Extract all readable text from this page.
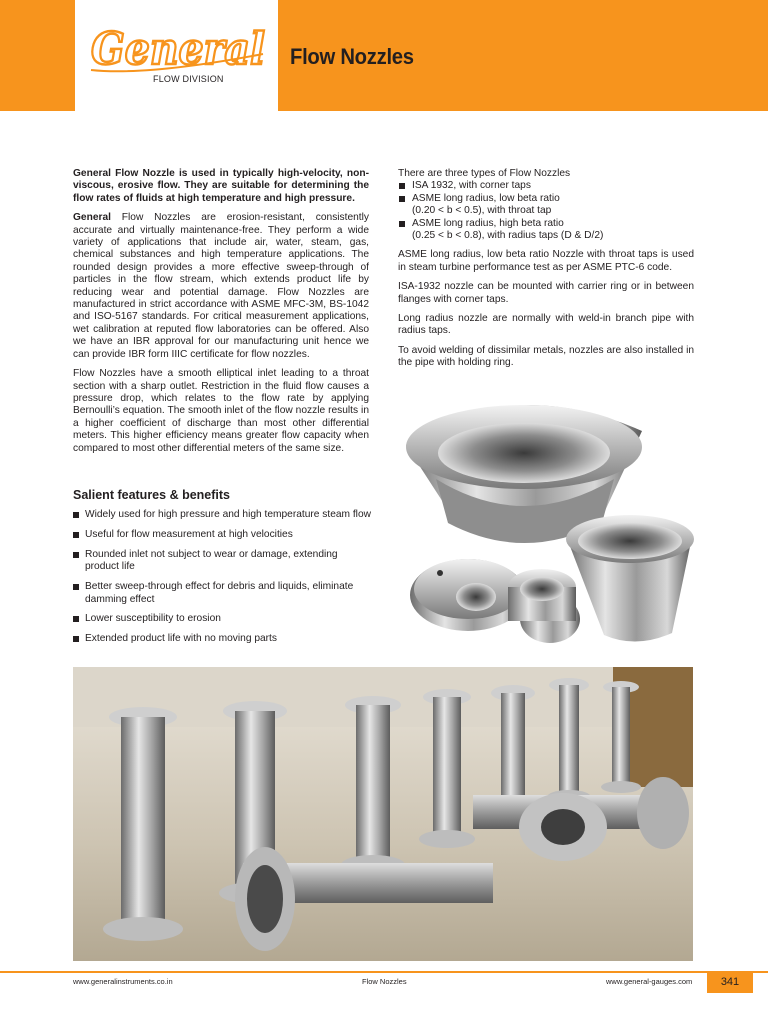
General
FLOW DIVISION
Flow Nozzles

General Flow Nozzle is used in typically high-velocity, non-viscous, erosive flow. They are suitable for determining the flow rates of fluids at high temperature and high pressure.

General Flow Nozzles are erosion-resistant, consistently accurate and virtually maintenance-free. They perform a wide variety of applications that include air, water, steam, gas, chemical substances and high temperature applications. The rounded design provides a more effective sweep-through of particles in the flow stream, which extends product life by reducing wear and potential damage. Flow Nozzles are manufactured in strict accordance with ASME MFC-3M, BS-1042 and ISO-5167 standards. For critical measurement applications, wet calibration at reputed flow laboratories can be offered. Also we have an IBR approval for our manufacturing unit hence we can provide IBR form IIIC certificate for flow nozzles.

Flow Nozzles have a smooth elliptical inlet leading to a throat section with a sharp outlet. Restriction in the fluid flow causes a pressure drop, which relates to the flow rate by applying Bernoulli’s equation. The smooth inlet of the flow nozzle results in a higher coefficient of discharge than most other differential meters. This higher efficiency means greater flow capacity when compared to most other differential meters of the same size.

There are three types of Flow Nozzles
ISA 1932, with corner taps
ASME long radius, low beta ratio
(0.20 < b < 0.5), with throat tap
ASME long radius, high beta ratio
(0.25 < b < 0.8), with radius taps (D & D/2)

ASME long radius, low beta ratio Nozzle with throat taps is used in steam turbine performance test as per ASME PTC-6 code.

ISA-1932 nozzle can be mounted with carrier ring or in between flanges with corner taps.

Long radius nozzle are normally with weld-in branch pipe with radius taps.

To avoid welding of dissimilar metals, nozzles are also installed in the pipe with holding ring.

Salient features & benefits
Widely used for high pressure and high temperature steam flow
Useful for flow measurement at high velocities
Rounded inlet not subject to wear or damage, extending product life
Better sweep-through effect for debris and liquids, eliminate damming effect
Lower susceptibility to erosion
Extended product life with no moving parts
www.generalinstruments.co.in	Flow Nozzles	www.general-gauges.com	341
